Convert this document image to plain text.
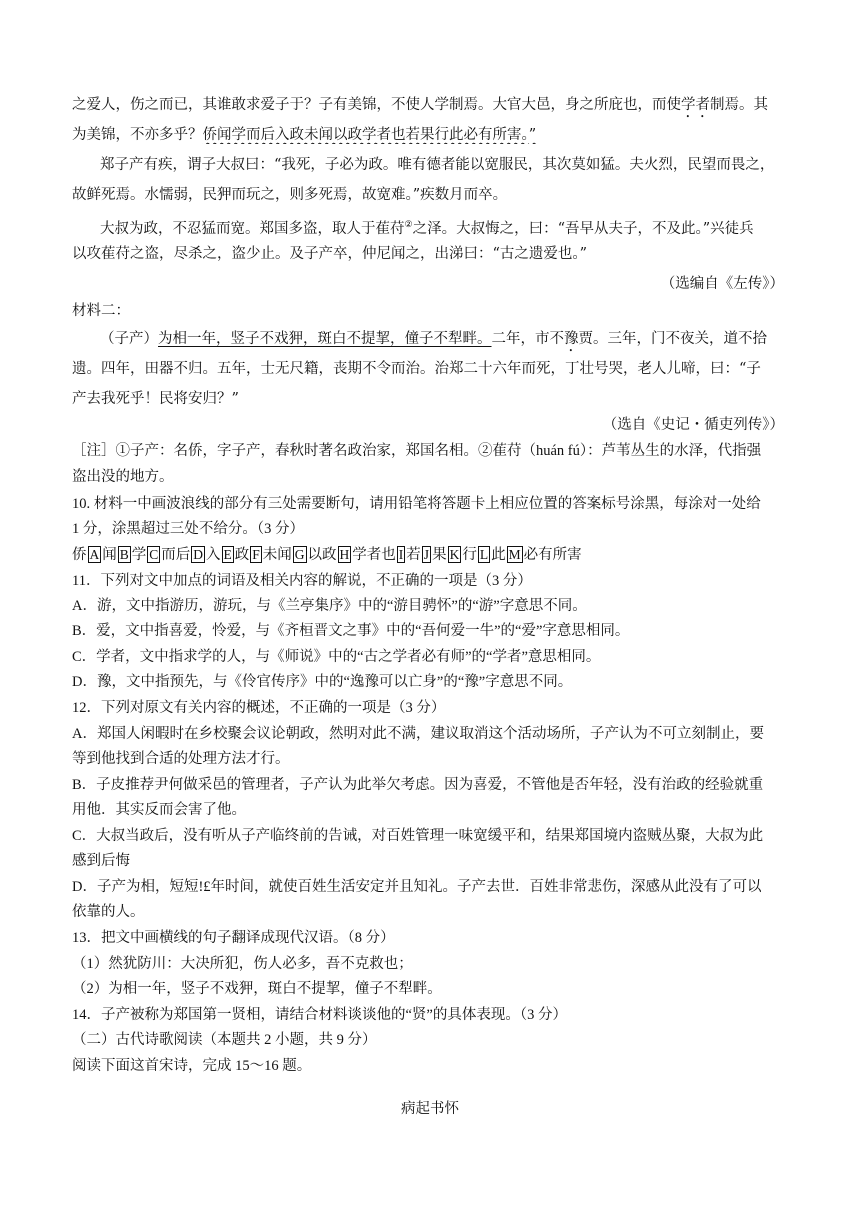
之爱人，伤之而已，其谁敢求爱子于？子有美锦，不使人学制焉。大官大邑，身之所庇也，而使学者制焉。其
为美锦，不亦多乎？侨闻学而后入政未闻以政学者也若果行此必有所害。”
郑子产有疾，谓子大叔曰：“我死，子必为政。唯有德者能以宽服民，其次莫如猛。夫火烈，民望而畏之，
故鲜死焉。水懦弱，民狎而玩之，则多死焉，故宽难。”疾数月而卒。
大叔为政，不忍猛而宽。郑国多盗，取人于萑苻②之泽。大叔悔之，曰：“吾早从夫子，不及此。”兴徒兵
以攻萑苻之盗，尽杀之，盗少止。及子产卒，仲尼闻之，出涕曰：“古之遗爱也。”
（选编自《左传》）
材料二：
（子产）为相一年，竖子不戏狎，斑白不提挈，僮子不犁畔。二年，市不豫贾。三年，门不夜关，道不拾
遗。四年，田器不归。五年，士无尺籍，丧期不令而治。治郑二十六年而死，丁壮号哭，老人儿啼，曰：“子
产去我死乎！民将安归？”
（选自《史记・循吏列传》）
［注］①子产：名侨，字子产，春秋时著名政治家，郑国名相。②萑苻（huán fú）：芦苇丛生的水泽，代指强
盗出没的地方。
10. 材料一中画波浪线的部分有三处需要断句，请用铅笔将答题卡上相应位置的答案标号涂黑，每涂对一处给
1 分，涂黑超过三处不给分。（3 分）
侨 A 闻 B 学 C 而后 D 入 E 政 F 未闻 G 以政 H 学者也 I 若 J 果 K 行 L 此 M 必有所害
11．下列对文中加点的词语及相关内容的解说，不正确的一项是（3 分）
A．游，文中指游历，游玩，与《兰亭集序》中的“游目骋怀”的“游”字意思不同。
B．爱，文中指喜爱，怜爱，与《齐桓晋文之事》中的“吾何爱一牛”的“爱”字意思相同。
C．学者，文中指求学的人，与《师说》中的“古之学者必有师”的“学者”意思相同。
D．豫，文中指预先，与《伶官传序》中的“逸豫可以亡身”的“豫”字意思不同。
12．下列对原文有关内容的概述，不正确的一项是（3 分）
A．郑国人闲暇时在乡校聚会议论朝政，然明对此不满，建议取消这个活动场所，子产认为不可立刻制止，要
等到他找到合适的处理方法才行。
B．子皮推荐尹何做采邑的管理者，子产认为此举欠考虑。因为喜爱，不管他是否年轻，没有治政的经验就重
用他．其实反而会害了他。
C．大叔当政后，没有听从子产临终前的告诫，对百姓管理一味宽缓平和，结果郑国境内盗贼丛聚，大叔为此
感到后悔
D．子产为相，短短!£年时间，就使百姓生活安定并且知礼。子产去世．百姓非常悲伤，深感从此没有了可以
依靠的人。
13．把文中画横线的句子翻译成现代汉语。（8 分）
（1）然犹防川：大决所犯，伤人必多，吾不克救也；
（2）为相一年，竖子不戏狎，斑白不提挈，僮子不犁畔。
14．子产被称为郑国第一贤相，请结合材料谈谈他的“贤”的具体表现。（3 分）
（二）古代诗歌阅读（本题共 2 小题，共 9 分）
阅读下面这首宋诗，完成 15～16 题。
病起书怀
